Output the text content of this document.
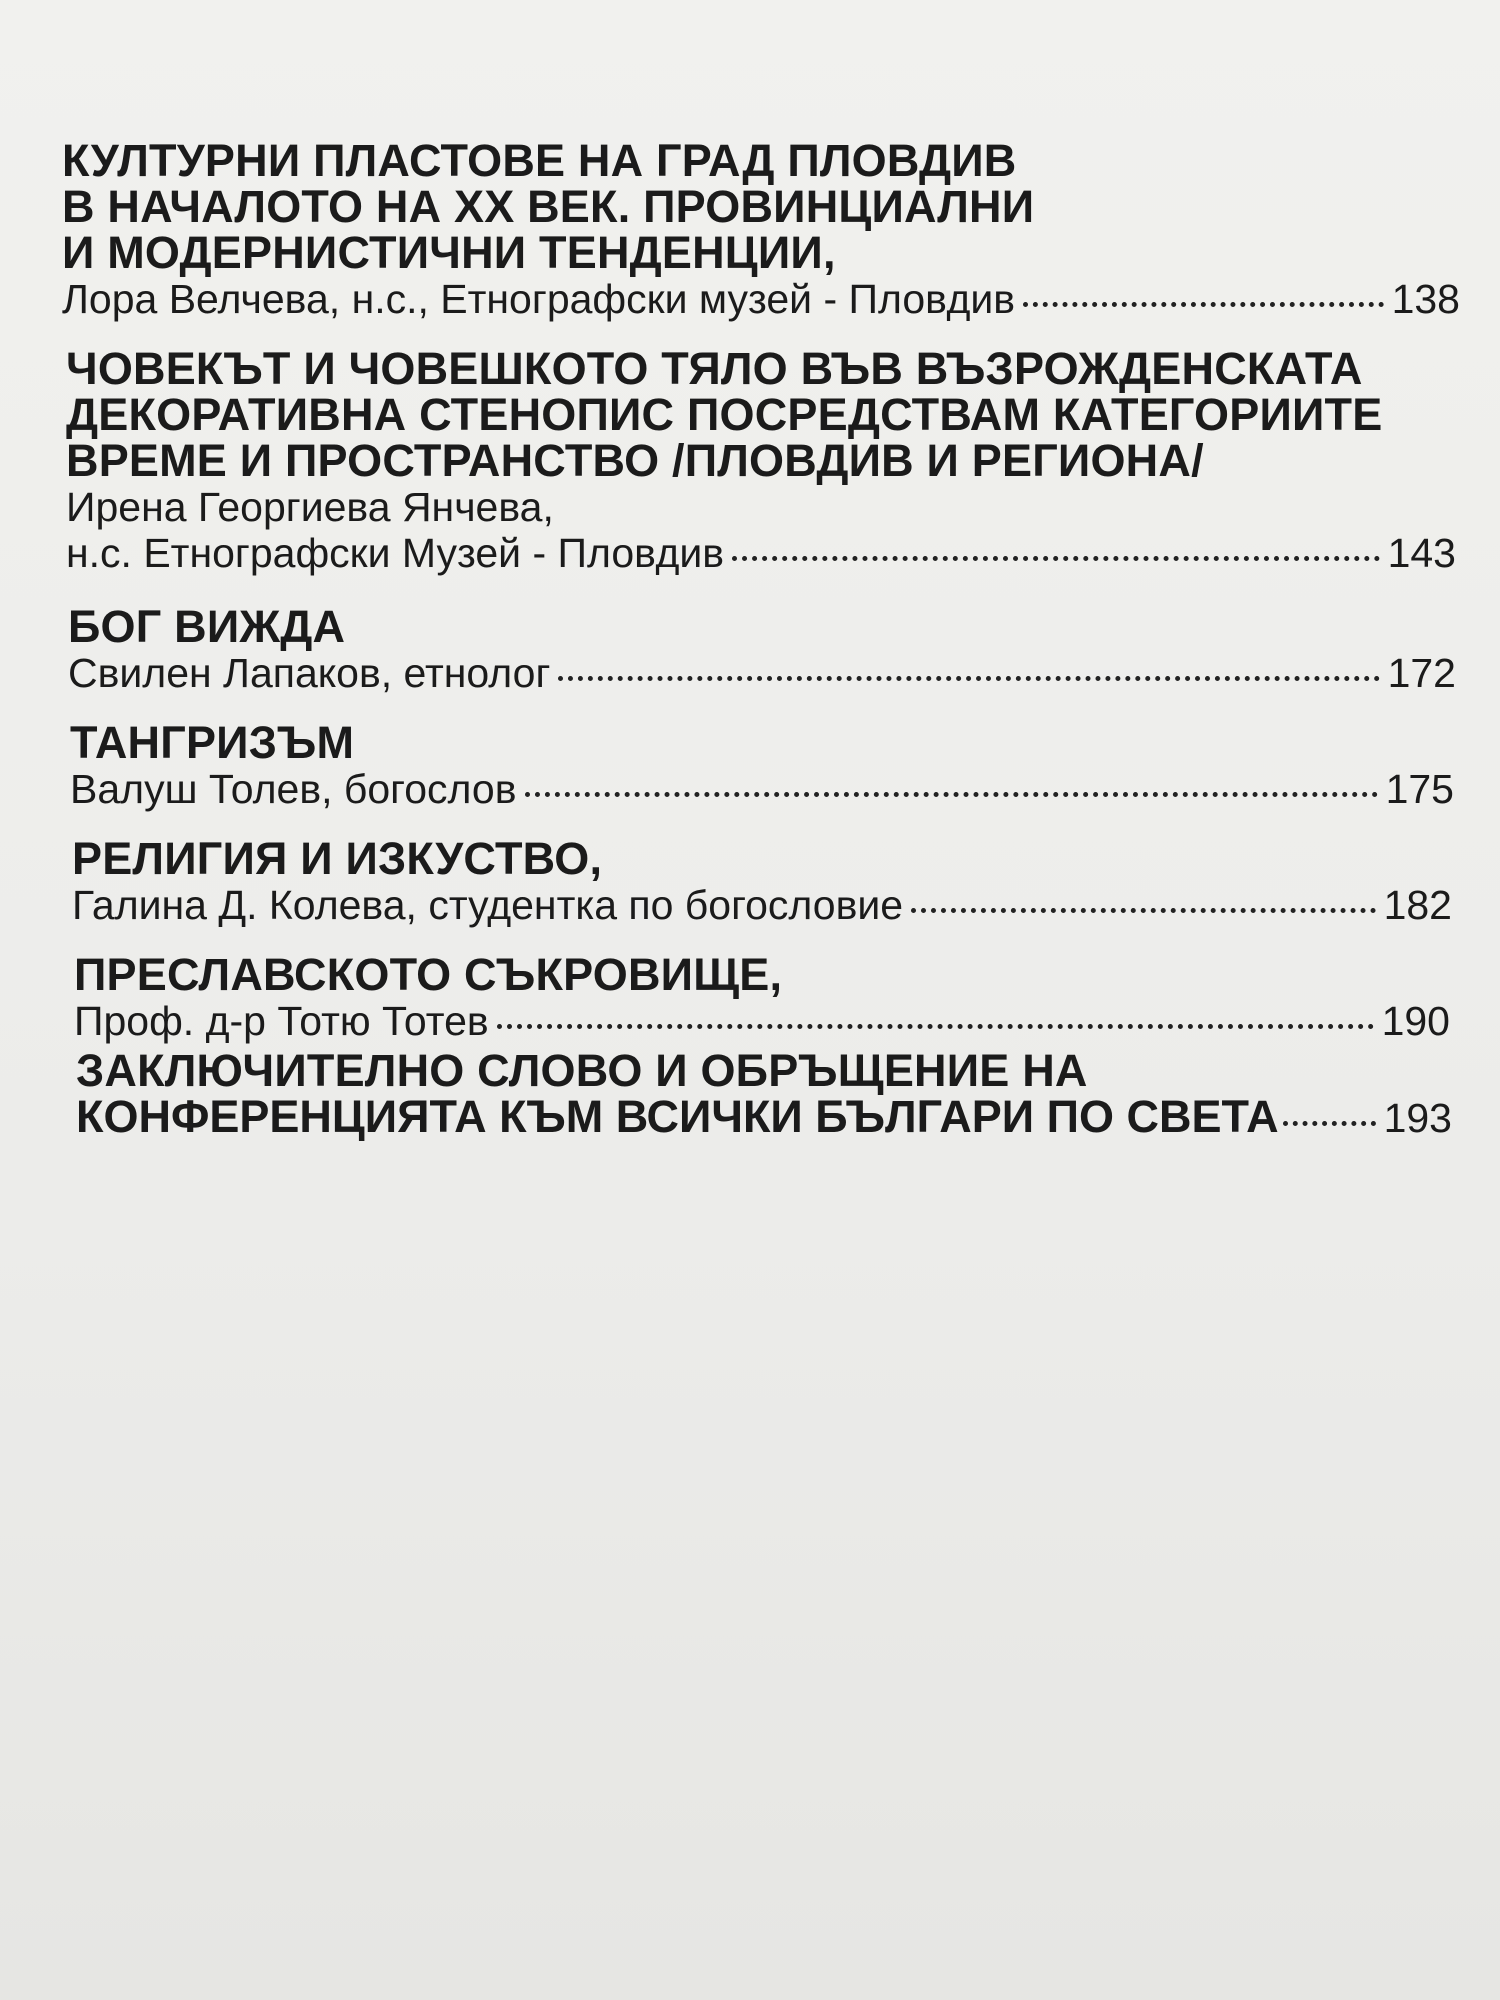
КУЛТУРНИ ПЛАСТОВЕ НА ГРАД ПЛОВДИВ
В НАЧАЛОТО НА XX ВЕК. ПРОВИНЦИАЛНИ
И МОДЕРНИСТИЧНИ ТЕНДЕНЦИИ,
Лора Велчева, н.с., Етнографски музей - Пловдив	138
ЧОВЕКЪТ И ЧОВЕШКОТО ТЯЛО ВЪВ ВЪЗРОЖДЕНСКАТА
ДЕКОРАТИВНА СТЕНОПИС ПОСРЕДСТВАМ КАТЕГОРИИТЕ
ВРЕМЕ И ПРОСТРАНСТВО /ПЛОВДИВ И РЕГИОНА/
Ирена Георгиева Янчева,
н.с. Етнографски Музей - Пловдив	143
БОГ ВИЖДА
Свилен Лапаков, етнолог	172
ТАНГРИЗЪМ
Валуш Толев, богослов	175
РЕЛИГИЯ И ИЗКУСТВО,
Галина Д. Колева, студентка по богословие	182
ПРЕСЛАВСКОТО СЪКРОВИЩЕ,
Проф. д-р Тотю Тотев	190
ЗАКЛЮЧИТЕЛНО СЛОВО И ОБРЪЩЕНИЕ НА
КОНФЕРЕНЦИЯТА КЪМ ВСИЧКИ БЪЛГАРИ ПО СВЕТА	193
